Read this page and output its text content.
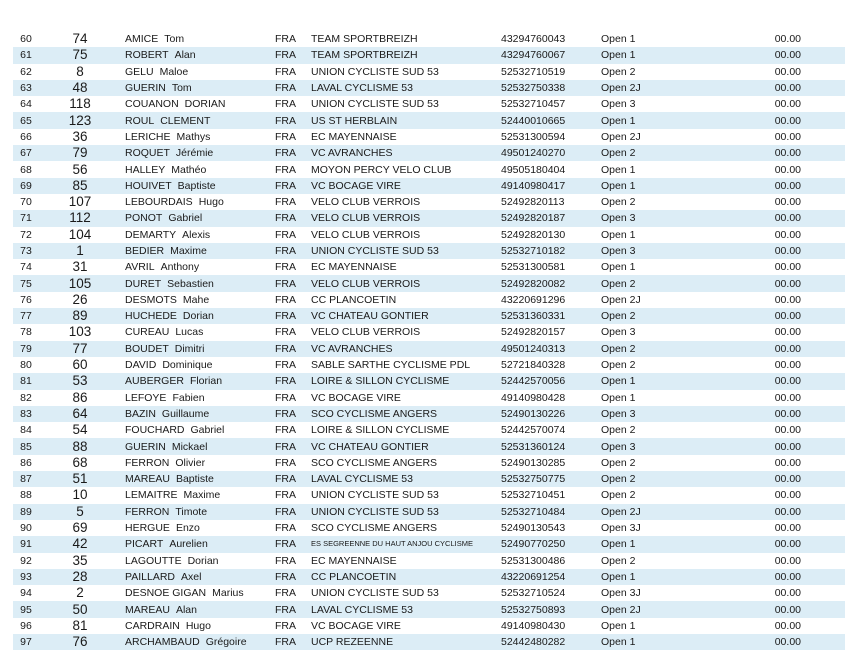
60	74	AMICE Tom	FRA	TEAM SPORTBREIZH	43294760043	Open 1	00.00
61	75	ROBERT Alan	FRA	TEAM SPORTBREIZH	43294760067	Open 1	00.00
62	8	GELU Maloe	FRA	UNION CYCLISTE SUD 53	52532710519	Open 2	00.00
63	48	GUERIN Tom	FRA	LAVAL CYCLISME 53	52532750338	Open 2J	00.00
64	118	COUANON DORIAN	FRA	UNION CYCLISTE SUD 53	52532710457	Open 3	00.00
65	123	ROUL CLEMENT	FRA	US ST HERBLAIN	52440010665	Open 1	00.00
66	36	LERICHE Mathys	FRA	EC MAYENNAISE	52531300594	Open 2J	00.00
67	79	ROQUET Jérémie	FRA	VC AVRANCHES	49501240270	Open 2	00.00
68	56	HALLEY Mathéo	FRA	MOYON PERCY VELO CLUB	49505180404	Open 1	00.00
69	85	HOUIVET Baptiste	FRA	VC BOCAGE VIRE	49140980417	Open 1	00.00
70	107	LEBOURDAIS Hugo	FRA	VELO CLUB VERROIS	52492820113	Open 2	00.00
71	112	PONOT Gabriel	FRA	VELO CLUB VERROIS	52492820187	Open 3	00.00
72	104	DEMARTY Alexis	FRA	VELO CLUB VERROIS	52492820130	Open 1	00.00
73	1	BEDIER Maxime	FRA	UNION CYCLISTE SUD 53	52532710182	Open 3	00.00
74	31	AVRIL Anthony	FRA	EC MAYENNAISE	52531300581	Open 1	00.00
75	105	DURET Sebastien	FRA	VELO CLUB VERROIS	52492820082	Open 2	00.00
76	26	DESMOTS Mahe	FRA	CC PLANCOETIN	43220691296	Open 2J	00.00
77	89	HUCHEDE Dorian	FRA	VC CHATEAU GONTIER	52531360331	Open 2	00.00
78	103	CUREAU Lucas	FRA	VELO CLUB VERROIS	52492820157	Open 3	00.00
79	77	BOUDET Dimitri	FRA	VC AVRANCHES	49501240313	Open 2	00.00
80	60	DAVID Dominique	FRA	SABLE SARTHE CYCLISME PDL	52721840328	Open 2	00.00
81	53	AUBERGER Florian	FRA	LOIRE & SILLON CYCLISME	52442570056	Open 1	00.00
82	86	LEFOYE Fabien	FRA	VC BOCAGE VIRE	49140980428	Open 1	00.00
83	64	BAZIN Guillaume	FRA	SCO CYCLISME ANGERS	52490130226	Open 3	00.00
84	54	FOUCHARD Gabriel	FRA	LOIRE & SILLON CYCLISME	52442570074	Open 2	00.00
85	88	GUERIN Mickael	FRA	VC CHATEAU GONTIER	52531360124	Open 3	00.00
86	68	FERRON Olivier	FRA	SCO CYCLISME ANGERS	52490130285	Open 2	00.00
87	51	MAREAU Baptiste	FRA	LAVAL CYCLISME 53	52532750775	Open 2	00.00
88	10	LEMAITRE Maxime	FRA	UNION CYCLISTE SUD 53	52532710451	Open 2	00.00
89	5	FERRON Timote	FRA	UNION CYCLISTE SUD 53	52532710484	Open 2J	00.00
90	69	HERGUE Enzo	FRA	SCO CYCLISME ANGERS	52490130543	Open 3J	00.00
91	42	PICART Aurelien	FRA	ES SEGREENNE DU HAUT ANJOU CYCLISME	52490770250	Open 1	00.00
92	35	LAGOUTTE Dorian	FRA	EC MAYENNAISE	52531300486	Open 2	00.00
93	28	PAILLARD Axel	FRA	CC PLANCOETIN	43220691254	Open 1	00.00
94	2	DESNOE GIGAN Marius	FRA	UNION CYCLISTE SUD 53	52532710524	Open 3J	00.00
95	50	MAREAU Alan	FRA	LAVAL CYCLISME 53	52532750893	Open 2J	00.00
96	81	CARDRAIN Hugo	FRA	VC BOCAGE VIRE	49140980430	Open 1	00.00
97	76	ARCHAMBAUD Grégoire	FRA	UCP REZEENNE	52442480282	Open 1	00.00
